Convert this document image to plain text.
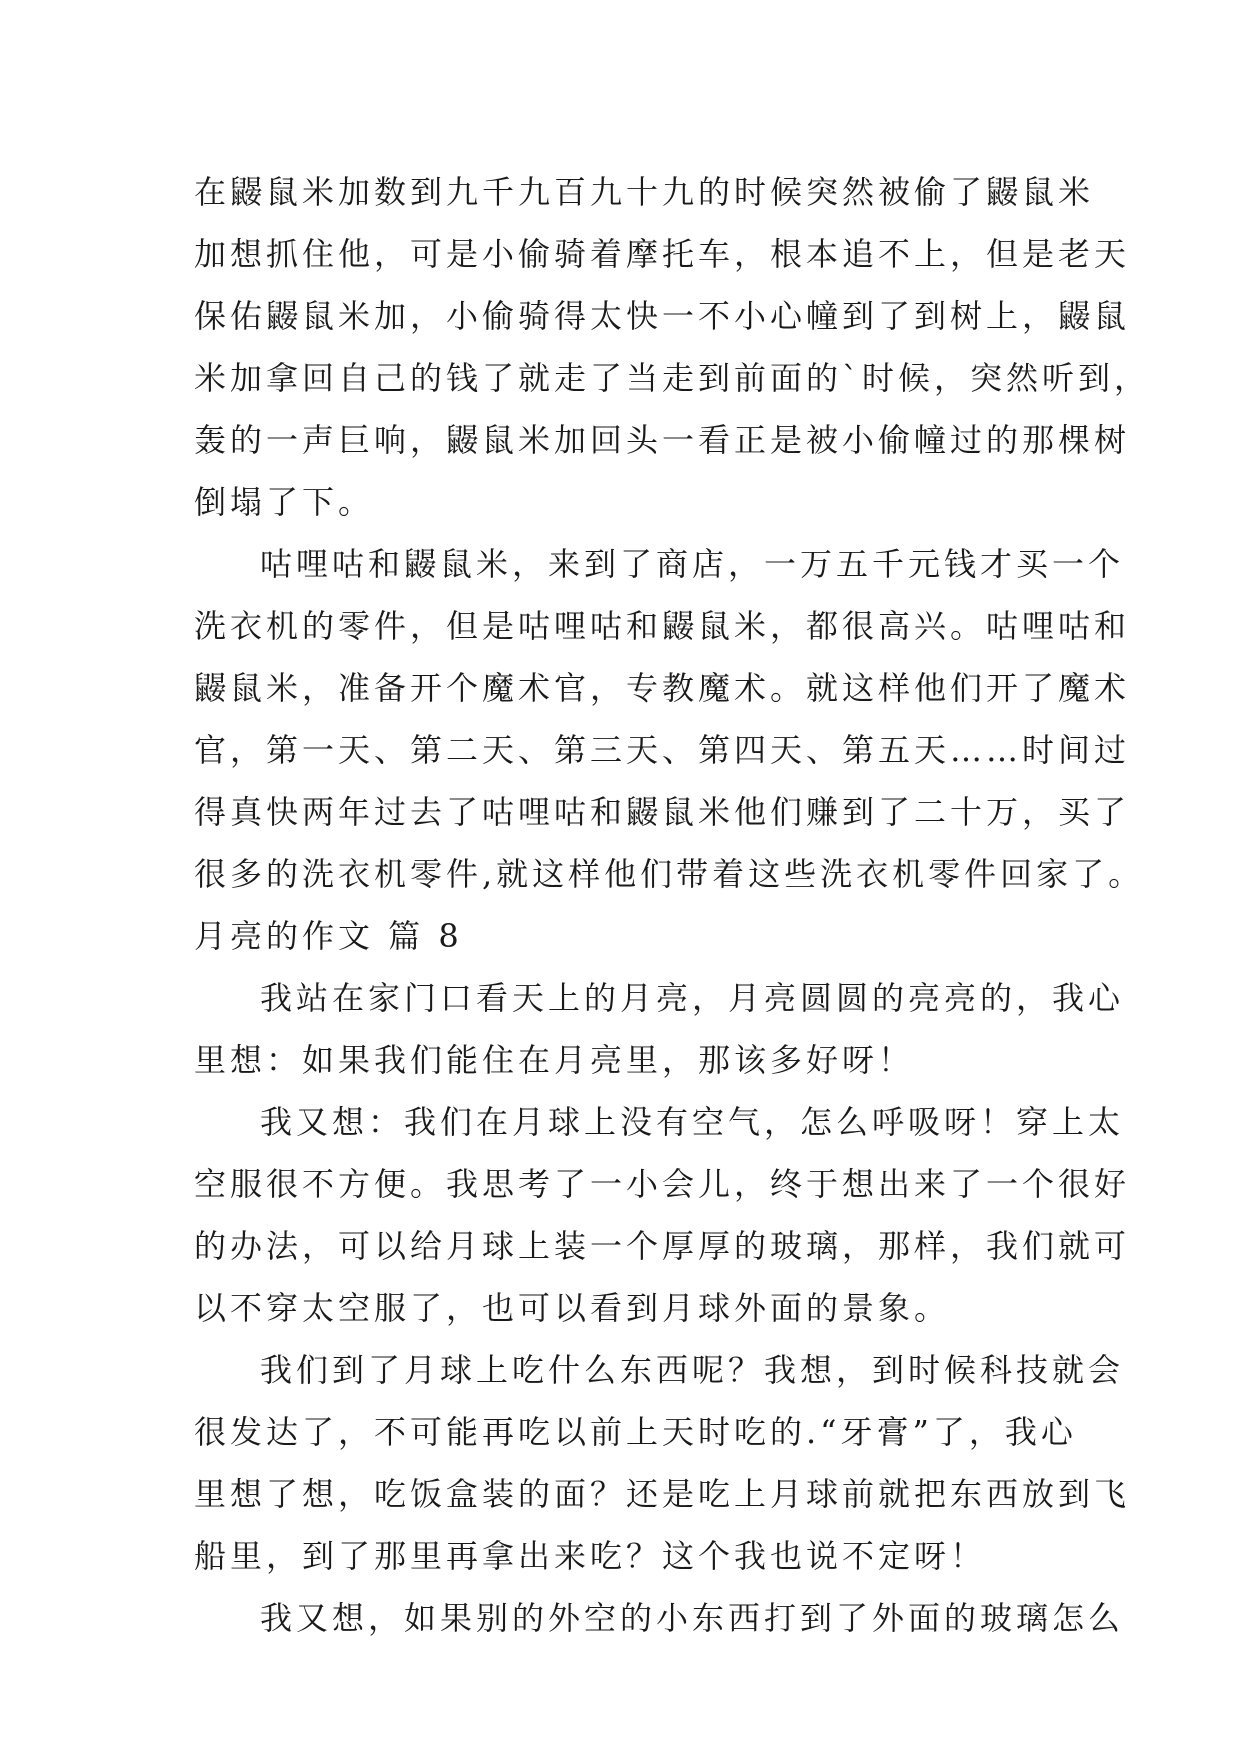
在鼹鼠米加数到九千九百九十九的时候突然被偷了鼹鼠米
加想抓住他，可是小偷骑着摩托车，根本追不上，但是老天
保佑鼹鼠米加，小偷骑得太快一不小心幢到了到树上，鼹鼠
米加拿回自己的钱了就走了当走到前面的`时候，突然听到，
轰的一声巨响，鼹鼠米加回头一看正是被小偷幢过的那棵树
倒塌了下。
咕哩咕和鼹鼠米，来到了商店，一万五千元钱才买一个
洗衣机的零件，但是咕哩咕和鼹鼠米，都很高兴。咕哩咕和
鼹鼠米，准备开个魔术官，专教魔术。就这样他们开了魔术
官，第一天、第二天、第三天、第四天、第五天……时间过
得真快两年过去了咕哩咕和鼹鼠米他们赚到了二十万，买了
很多的洗衣机零件,就这样他们带着这些洗衣机零件回家了。
月亮的作文 篇 8
我站在家门口看天上的月亮，月亮圆圆的亮亮的，我心
里想：如果我们能住在月亮里，那该多好呀！
我又想：我们在月球上没有空气，怎么呼吸呀！穿上太
空服很不方便。我思考了一小会儿，终于想出来了一个很好
的办法，可以给月球上装一个厚厚的玻璃，那样，我们就可
以不穿太空服了，也可以看到月球外面的景象。
我们到了月球上吃什么东西呢？我想，到时候科技就会
很发达了，不可能再吃以前上天时吃的.“牙膏”了，我心
里想了想，吃饭盒装的面？还是吃上月球前就把东西放到飞
船里，到了那里再拿出来吃？这个我也说不定呀！
我又想，如果别的外空的小东西打到了外面的玻璃怎么
